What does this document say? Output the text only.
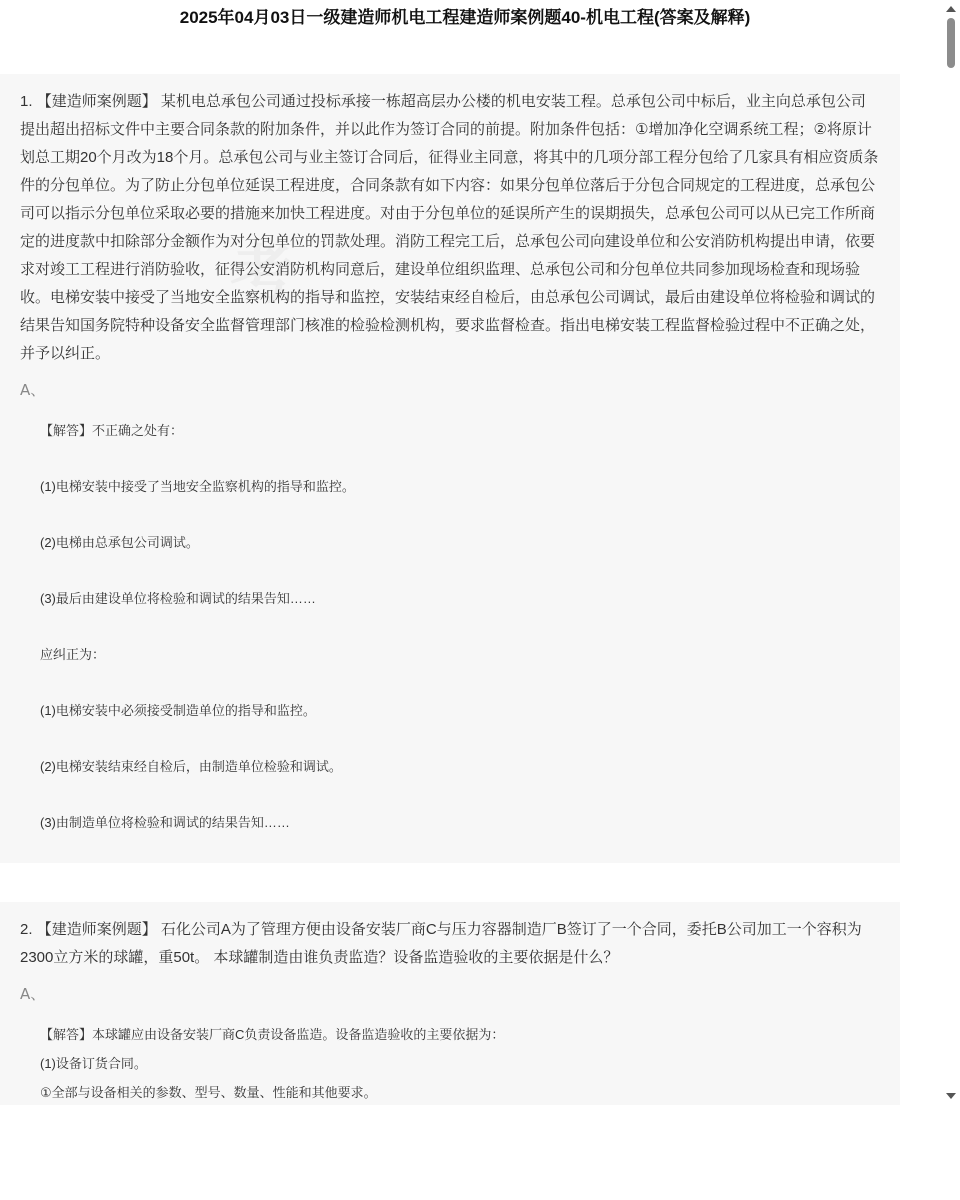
2025年04月03日一级建造师机电工程建造师案例题40-机电工程(答案及解释)

1. 【建造师案例题】 某机电总承包公司通过投标承接一栋超高层办公楼的机电安装工程。总承包公司中标后，业主向总承包公司提出超出招标文件中主要合同条款的附加条件，并以此作为签订合同的前提。附加条件包括：①增加净化空调系统工程；②将原计划总工期20个月改为18个月。总承包公司与业主签订合同后，征得业主同意，将其中的几项分部工程分包给了几家具有相应资质条件的分包单位。为了防止分包单位延误工程进度，合同条款有如下内容：如果分包单位落后于分包合同规定的工程进度，总承包公司可以指示分包单位采取必要的措施来加快工程进度。对由于分包单位的延误所产生的误期损失，总承包公司可以从已完工作所商定的进度款中扣除部分金额作为对分包单位的罚款处理。消防工程完工后，总承包公司向建设单位和公安消防机构提出申请，依要求对竣工工程进行消防验收，征得公安消防机构同意后，建设单位组织监理、总承包公司和分包单位共同参加现场检查和现场验收。电梯安装中接受了当地安全监察机构的指导和监控，安装结束经自检后，由总承包公司调试，最后由建设单位将检验和调试的结果告知国务院特种设备安全监督管理部门核准的检验检测机构，要求监督检查。指出电梯安装工程监督检验过程中不正确之处，并予以纠正。

A、

【解答】不正确之处有：

(1)电梯安装中接受了当地安全监察机构的指导和监控。

(2)电梯由总承包公司调试。

(3)最后由建设单位将检验和调试的结果告知……

应纠正为：

(1)电梯安装中必须接受制造单位的指导和监控。

(2)电梯安装结束经自检后，由制造单位检验和调试。

(3)由制造单位将检验和调试的结果告知……

2. 【建造师案例题】 石化公司A为了管理方便由设备安装厂商C与压力容器制造厂B签订了一个合同，委托B公司加工一个容积为2300立方米的球罐，重50t。 本球罐制造由谁负责监造？设备监造验收的主要依据是什么？

A、

【解答】本球罐应由设备安装厂商C负责设备监造。设备监造验收的主要依据为：

(1)设备订货合同。

①全部与设备相关的参数、型号、数量、性能和其他要求。
